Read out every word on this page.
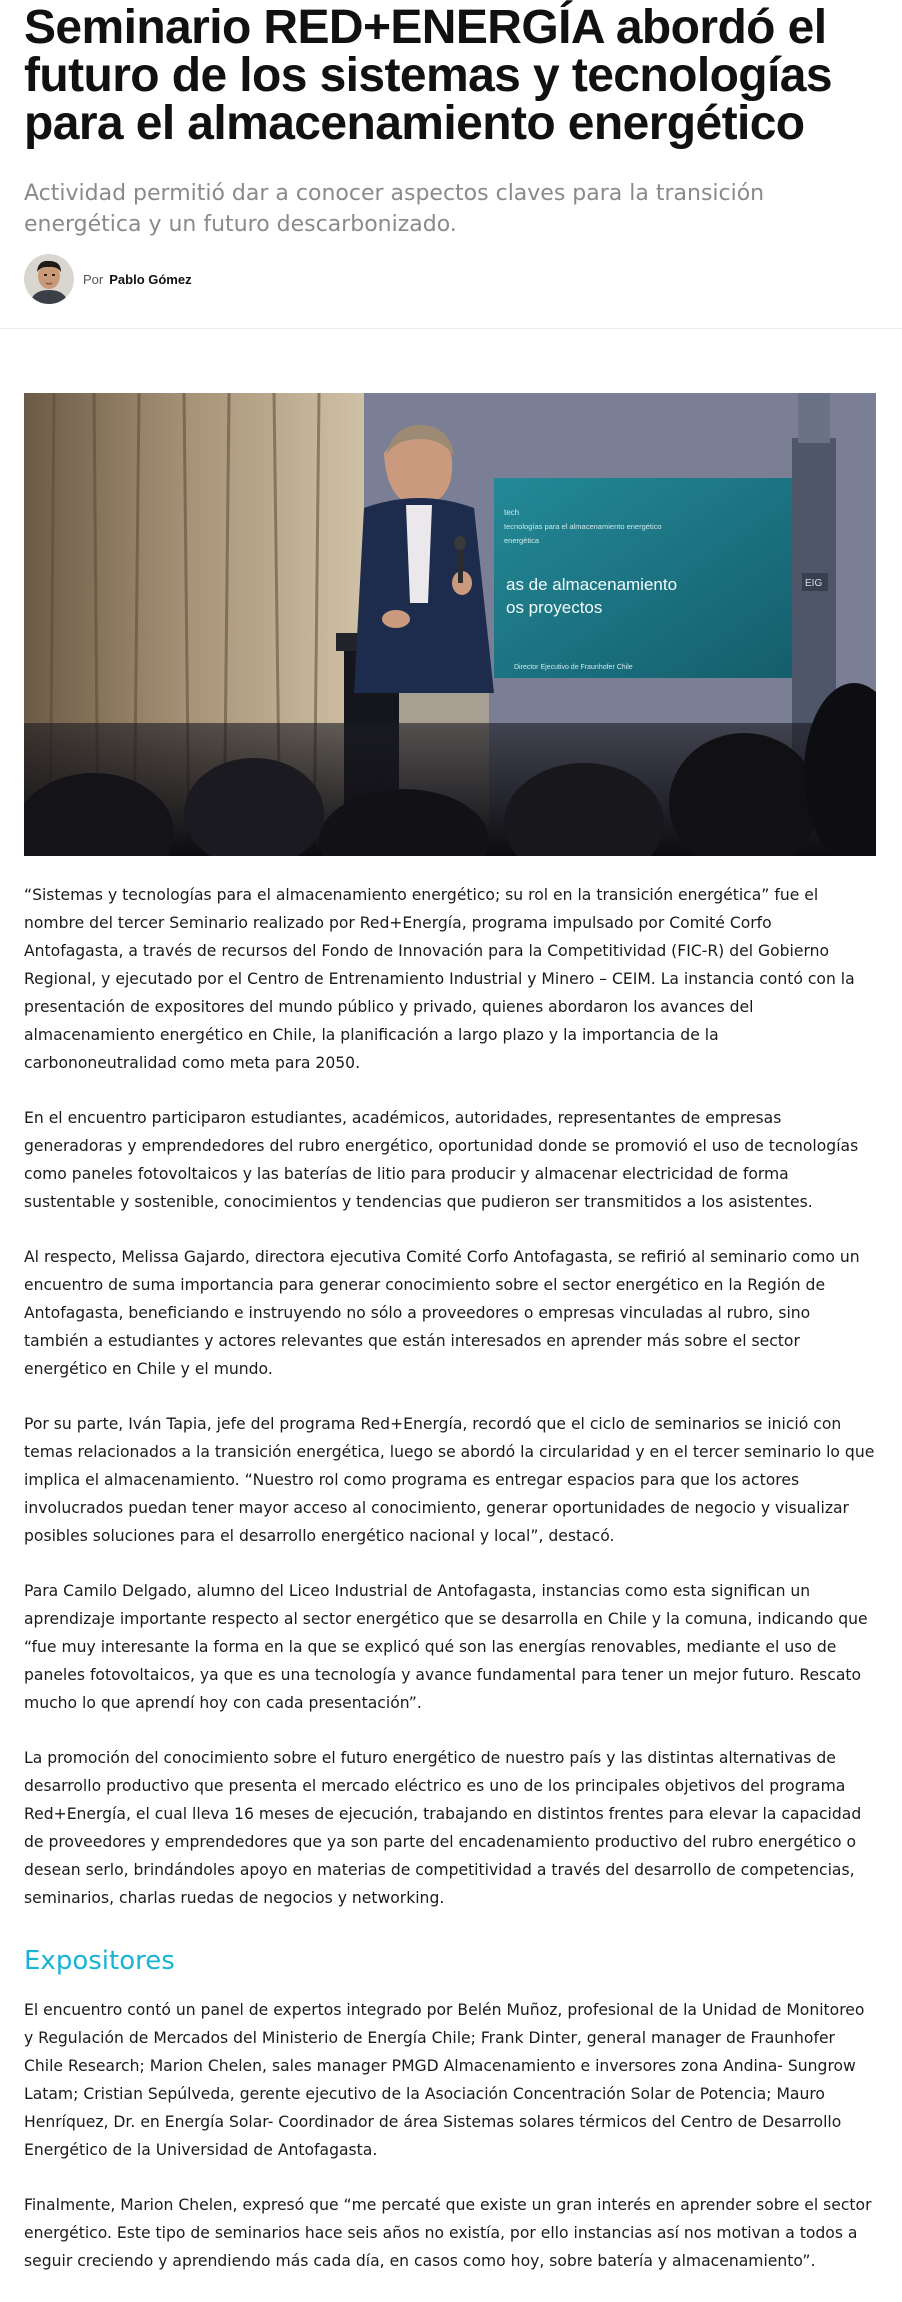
Seminario RED+ENERGÍA abordó el futuro de los sistemas y tecnologías para el almacenamiento energético
Actividad permitió dar a conocer aspectos claves para la transición energética y un futuro descarbonizado.
Por Pablo Gómez
tech
tecnologías para el almacenamiento energético
energética
as de almacenamiento
os proyectos
Director Ejecutivo de Fraunhofer Chile
EIG

“Sistemas y tecnologías para el almacenamiento energético; su rol en la transición energética” fue el nombre del tercer Seminario realizado por Red+Energía, programa impulsado por Comité Corfo Antofagasta, a través de recursos del Fondo de Innovación para la Competitividad (FIC-R) del Gobierno Regional, y ejecutado por el Centro de Entrenamiento Industrial y Minero – CEIM. La instancia contó con la presentación de expositores del mundo público y privado, quienes abordaron los avances del almacenamiento energético en Chile, la planificación a largo plazo y la importancia de la carbononeutralidad como meta para 2050.

En el encuentro participaron estudiantes, académicos, autoridades, representantes de empresas generadoras y emprendedores del rubro energético, oportunidad donde se promovió el uso de tecnologías como paneles fotovoltaicos y las baterías de litio para producir y almacenar electricidad de forma sustentable y sostenible, conocimientos y tendencias que pudieron ser transmitidos a los asistentes.

Al respecto, Melissa Gajardo, directora ejecutiva Comité Corfo Antofagasta, se refirió al seminario como un encuentro de suma importancia para generar conocimiento sobre el sector energético en la Región de Antofagasta, beneficiando e instruyendo no sólo a proveedores o empresas vinculadas al rubro, sino también a estudiantes y actores relevantes que están interesados en aprender más sobre el sector energético en Chile y el mundo.

Por su parte, Iván Tapia, jefe del programa Red+Energía, recordó que el ciclo de seminarios se inició con temas relacionados a la transición energética, luego se abordó la circularidad y en el tercer seminario lo que implica el almacenamiento. “Nuestro rol como programa es entregar espacios para que los actores involucrados puedan tener mayor acceso al conocimiento, generar oportunidades de negocio y visualizar posibles soluciones para el desarrollo energético nacional y local”, destacó.

Para Camilo Delgado, alumno del Liceo Industrial de Antofagasta, instancias como esta significan un aprendizaje importante respecto al sector energético que se desarrolla en Chile y la comuna, indicando que “fue muy interesante la forma en la que se explicó qué son las energías renovables, mediante el uso de paneles fotovoltaicos, ya que es una tecnología y avance fundamental para tener un mejor futuro. Rescato mucho lo que aprendí hoy con cada presentación”.

La promoción del conocimiento sobre el futuro energético de nuestro país y las distintas alternativas de desarrollo productivo que presenta el mercado eléctrico es uno de los principales objetivos del programa Red+Energía, el cual lleva 16 meses de ejecución, trabajando en distintos frentes para elevar la capacidad de proveedores y emprendedores que ya son parte del encadenamiento productivo del rubro energético o desean serlo, brindándoles apoyo en materias de competitividad a través del desarrollo de competencias, seminarios, charlas ruedas de negocios y networking.

Expositores

El encuentro contó un panel de expertos integrado por Belén Muñoz, profesional de la Unidad de Monitoreo y Regulación de Mercados del Ministerio de Energía Chile; Frank Dinter, general manager de Fraunhofer Chile Research; Marion Chelen, sales manager PMGD Almacenamiento e inversores zona Andina- Sungrow Latam; Cristian Sepúlveda, gerente ejecutivo de la Asociación Concentración Solar de Potencia; Mauro Henríquez, Dr. en Energía Solar- Coordinador de área Sistemas solares térmicos del Centro de Desarrollo Energético de la Universidad de Antofagasta.

Finalmente, Marion Chelen, expresó que “me percaté que existe un gran interés en aprender sobre el sector energético. Este tipo de seminarios hace seis años no existía, por ello instancias así nos motivan a todos a seguir creciendo y aprendiendo más cada día, en casos como hoy, sobre batería y almacenamiento”.
